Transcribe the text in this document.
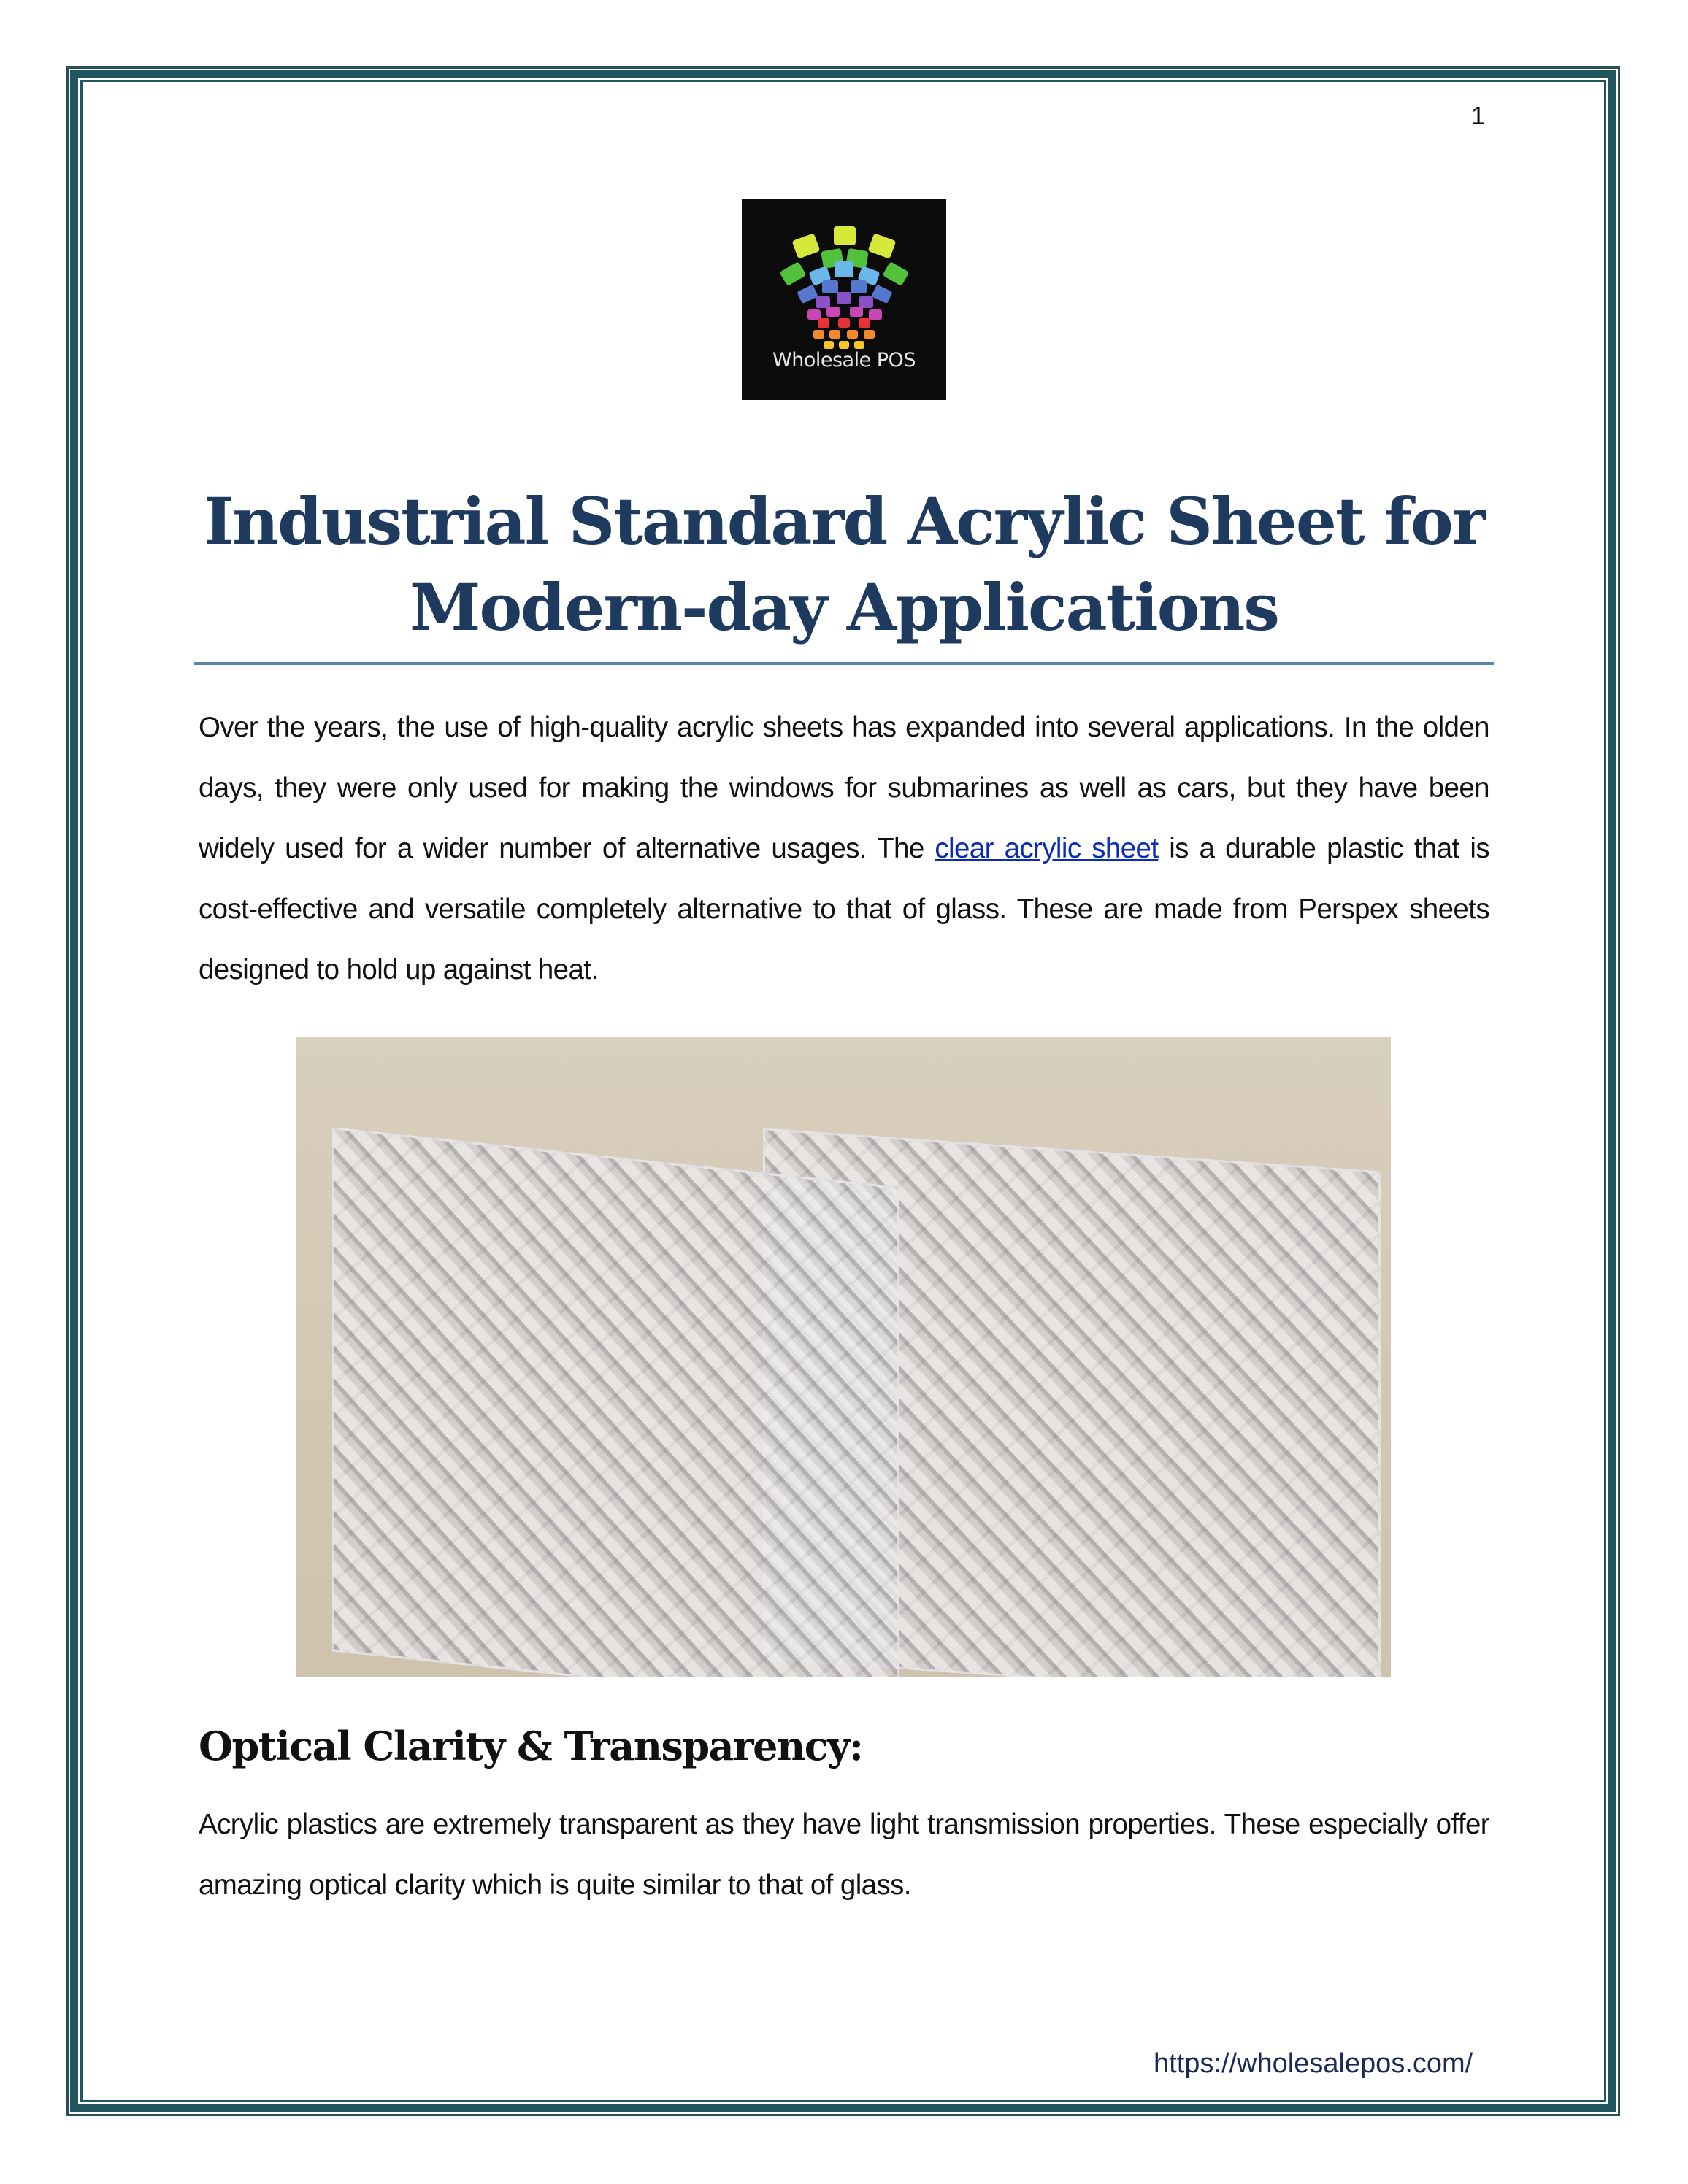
1
Wholesale POS
Industrial Standard Acrylic Sheet for
Modern-day Applications
Over the years, the use of high-quality acrylic sheets has expanded into several applications. In the olden days, they were only used for making the windows for submarines as well as cars, but they have been widely used for a wider number of alternative usages. The clear acrylic sheet is a durable plastic that is cost-effective and versatile completely alternative to that of glass. These are made from Perspex sheets designed to hold up against heat.
Optical Clarity & Transparency:
Acrylic plastics are extremely transparent as they have light transmission properties. These especially offer amazing optical clarity which is quite similar to that of glass.
https://wholesalepos.com/
